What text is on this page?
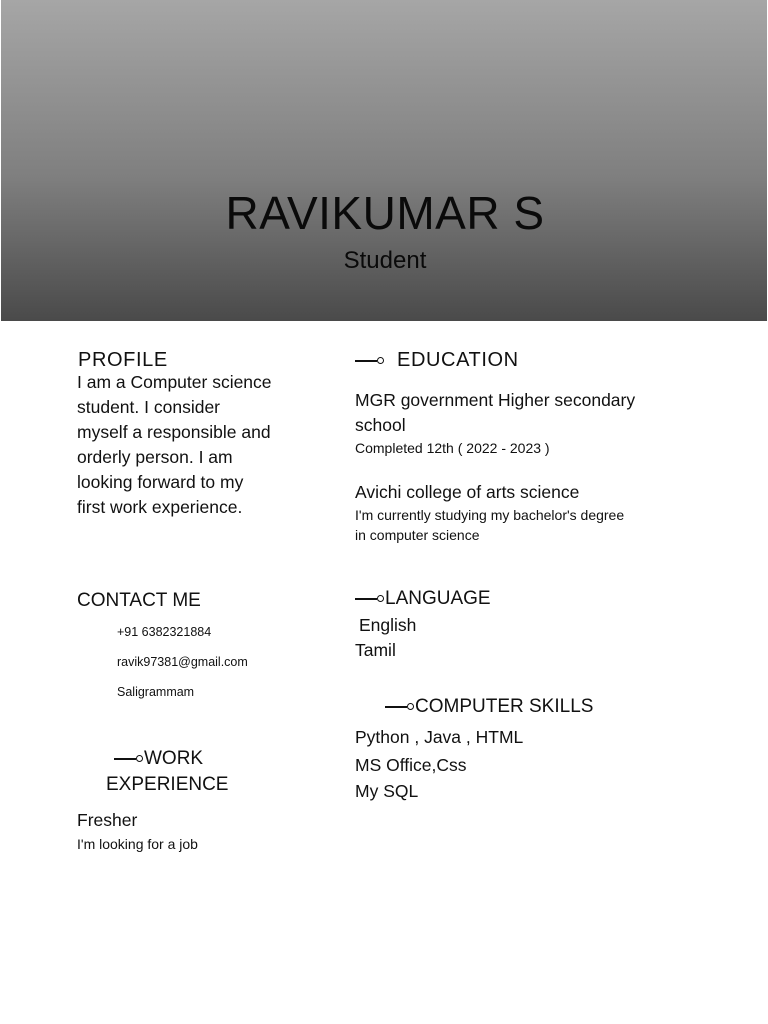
RAVIKUMAR S
Student
PROFILE
I am a Computer science
student. I consider
myself a responsible and
orderly person. I am
looking forward to my
first work experience.
CONTACT ME
+91 6382321884
ravik97381@gmail.com
Saligrammam
WORK
EXPERIENCE
Fresher
I'm looking for a job
EDUCATION
MGR government Higher secondary
school
Completed 12th ( 2022 - 2023 )
Avichi college of arts science
I'm currently studying my bachelor's degree
in computer science
LANGUAGE
English
Tamil
COMPUTER SKILLS
Python , Java , HTML
MS Office,Css
My SQL
